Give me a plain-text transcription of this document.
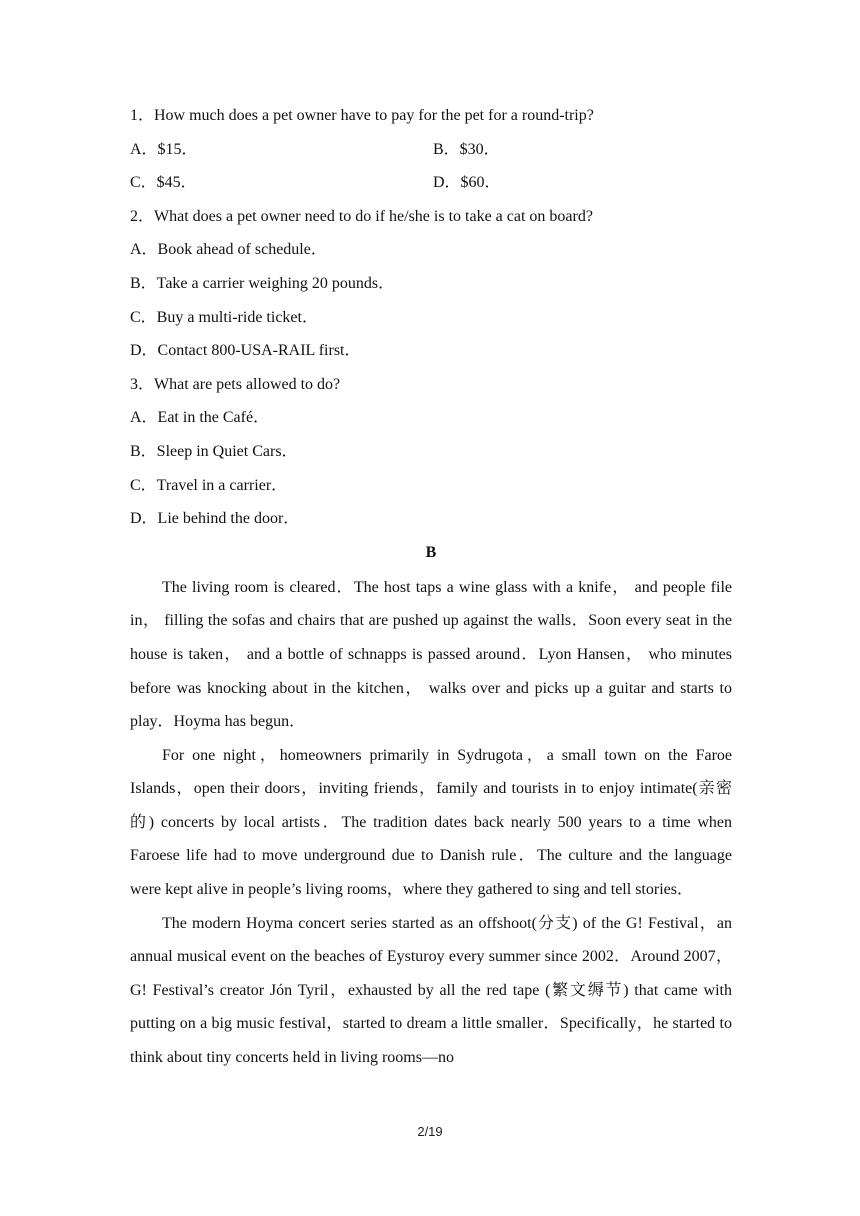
1．How much does a pet owner have to pay for the pet for a round-trip?
A．$15．	B．$30．
C．$45．	D．$60．
2．What does a pet owner need to do if he/she is to take a cat on board?
A．Book ahead of schedule．
B．Take a carrier weighing 20 pounds．
C．Buy a multi-ride ticket．
D．Contact 800-USA-RAIL first．
3．What are pets allowed to do?
A．Eat in the Café．
B．Sleep in Quiet Cars．
C．Travel in a carrier．
D．Lie behind the door．
B

The living room is cleared．The host taps a wine glass with a knife， and people file in， filling the sofas and chairs that are pushed up against the walls．Soon every seat in the house is taken， and a bottle of schnapps is passed around．Lyon Hansen， who minutes before was knocking about in the kitchen， walks over and picks up a guitar and starts to play．Hoyma has begun．

For one night，homeowners primarily in Sydrugota，a small town on the Faroe Islands，open their doors，inviting friends，family and tourists in to enjoy intimate(亲密的) concerts by local artists．The tradition dates back nearly 500 years to a time when Faroese life had to move underground due to Danish rule．The culture and the language were kept alive in people’s living rooms，where they gathered to sing and tell stories．

The modern Hoyma concert series started as an offshoot(分支) of the G! Festival，an annual musical event on the beaches of Eysturoy every summer since 2002．Around 2007，G! Festival’s creator Jón Tyril，exhausted by all the red tape (繁文缛节) that came with putting on a big music festival，started to dream a little smaller．Specifically，he started to think about tiny concerts held in living rooms—no

2/19
